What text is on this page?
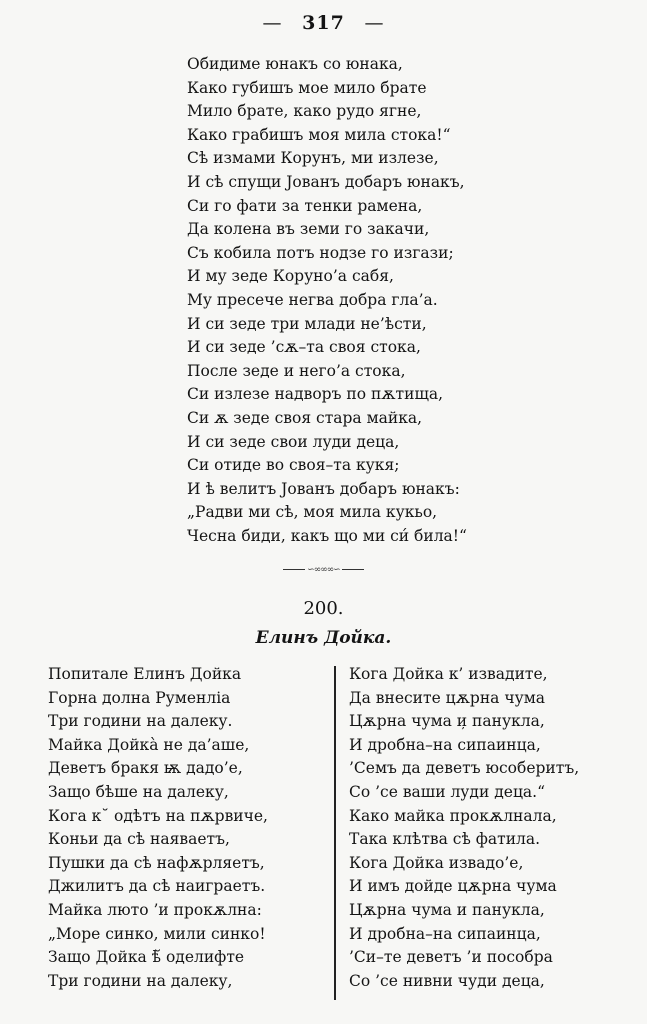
— 317 —
Обидиме юнакъ со юнака,
Како губишъ мое мило брате
Мило брате, како рудо ягне,
Како грабишъ моя мила стока!“
Сѣ измами Корунъ, ми излезе,
И сѣ спущи Јованъ добаръ юнакъ,
Си го фати за тенки рамена,
Да колена въ земи го закачи,
Съ кобила потъ нодзе го изгази;
И му зеде Коруно’а сабя,
Му пресече негва добра гла’а.
И си зеде три млади не’ѣсти,
И си зеде ’сѫ–та своя стока,
После зеде и него’а стока,
Си излезе надворъ по пѫтища,
Си ѫ зеде своя стара майка,
И си зеде свои луди деца,
Си отиде во своя–та кукя;
И ѣ велитъ Јованъ добаръ юнакъ:
„Радви ми сѣ, моя мила кукьо,
Чесна биди, какъ що ми си́ била!“
∽∞∞∞∽
200.
Елинъ Дойка.
Попитале Елинъ Дойка
Горна долна Руменліа
Три години на далеку.
Майка Дойкà не да’аше,
Деветъ бракя ѭ дадо’е,
Защо бѣше на далеку,
Кога к˘ одѣтъ на пѫрвиче,
Коньи да сѣ наяваетъ,
Пушки да сѣ нафѫрляетъ,
Джилитъ да сѣ наиграетъ.
Майка люто ’и прокѫлна:
„Море синко, мили синко!
Защо Дойка ѣ̆ оделифте
Три години на далеку,
Кога Дойка к’ извадите,
Да внесите цѫрна чума
Цѫрна чума и̦ панукла,
И дробна–на сипаинца,
’Семъ да деветъ юсоберитъ,
Со ’се ваши луди деца.“
Како майка прокѫлнала,
Така клѣтва сѣ фатила.
Кога Дойка извадо’е,
И имъ дойде цѫрна чума
Цѫрна чума и панукла,
И дробна–на сипаинца,
’Си–те деветъ ’и пособра
Со ’се нивни чуди деца,
